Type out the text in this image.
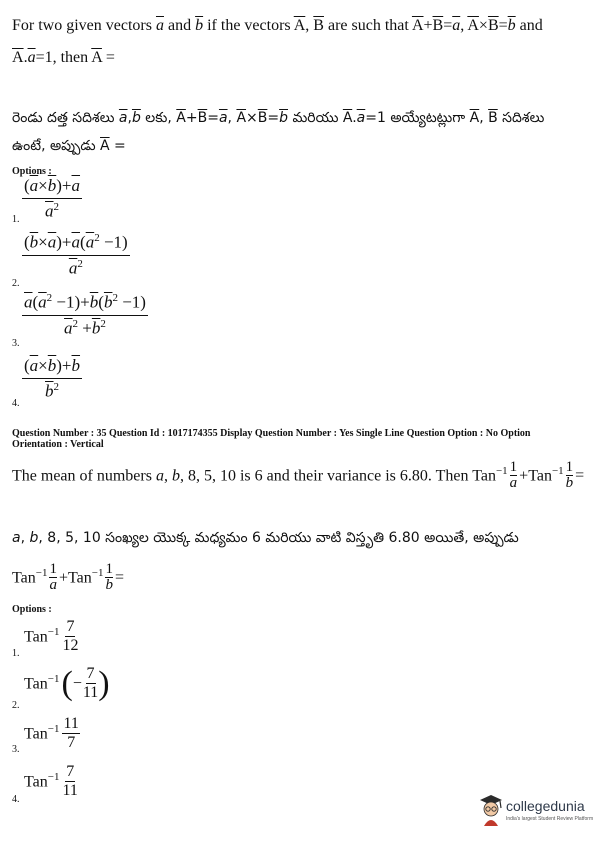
For two given vectors $\overline{a}$ and $\overline{b}$ if the vectors $\overline{A}$, $\overline{B}$ are such that $\overline{A}+\overline{B}=\overline{a}$, $\overline{A}\times\overline{B}=\overline{b}$ and
$\overline{A}.\overline{a}=1$, then $\overline{A}$ =
రెండు దత్త సదిశలు $\overline{a},\overline{b}$ లకు, $\overline{A}+\overline{B}=\overline{a}$, $\overline{A}\times\overline{B}=\overline{b}$ మరియు $\overline{A}.\overline{a}=1$ అయ్యేటట్లుగా $\overline{A}$, $\overline{B}$ సదిశలు
ఉంటే, అప్పుడు $\overline{A}$ =
Options :
$\frac{(\overline{a}\times\overline{b})+\overline{a}}{\overline{a}^2}$
1.
$\frac{(\overline{b}\times\overline{a})+\overline{a}(\overline{a}^2 -1)}{\overline{a}^2}$
2.
$\frac{\overline{a}(\overline{a}^2 -1)+\overline{b}(\overline{b}^2 -1)}{\overline{a}^2 +\overline{b}^2}$
3.
$\frac{(\overline{a}\times\overline{b})+\overline{b}}{\overline{b}^2}$
4.
Question Number : 35 Question Id : 1017174355 Display Question Number : Yes Single Line Question Option : No Option
Orientation : Vertical
The mean of numbers a, b, 8, 5, 10 is 6 and their variance is 6.80. Then Tan$^{-1}$ 1
$a +Tan^{-1} \frac{1}{b}$ =
a, b, 8, 5, 10 సంఖ్యల యొక్క మధ్యమం 6 మరియు వాటి విస్తృతి 6.80 అయితే, అప్పుడు
Tan$^{-1}$ 1
$a +Tan^{-1} \frac{1}{b}$ =
Options :
Tan$^{-1}$ 7
12
1.
Tan$^{-1}$ ( − $\frac{7}{11}$ )
2.
Tan$^{-1}$ 11
7
3.
Tan$^{-1}$ 7
11
4.	collegedunia
India's largest Student Review Platform
